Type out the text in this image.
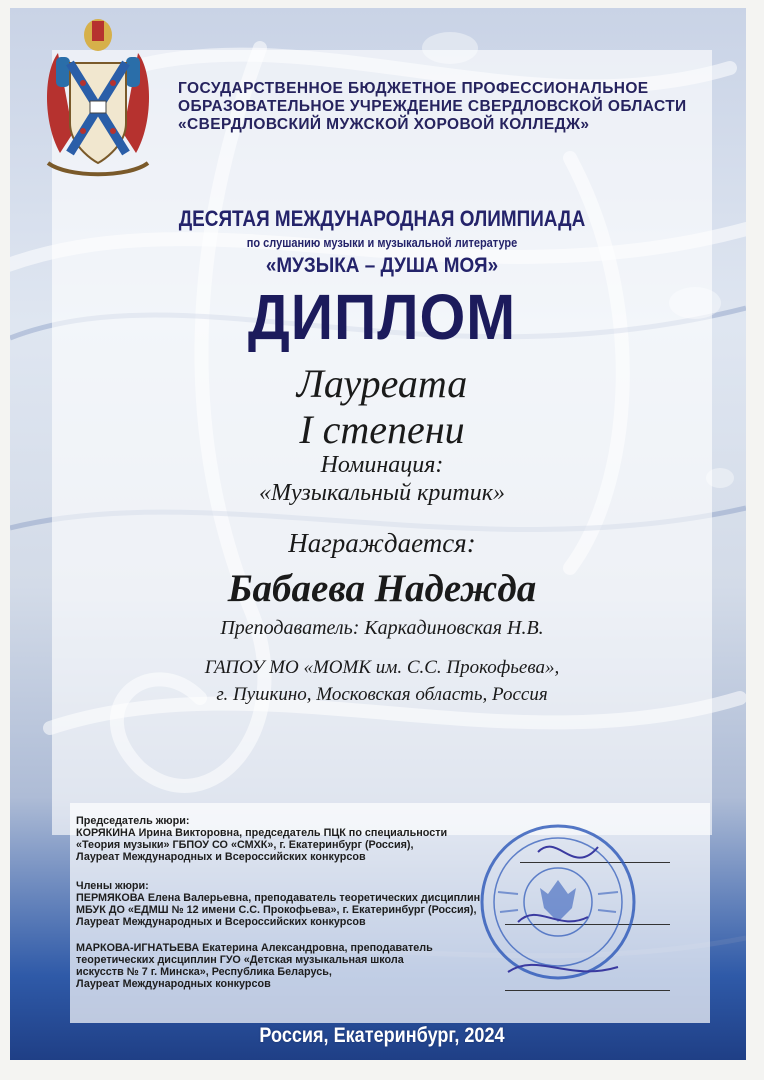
ГОСУДАРСТВЕННОЕ БЮДЖЕТНОЕ ПРОФЕССИОНАЛЬНОЕ
ОБРАЗОВАТЕЛЬНОЕ УЧРЕЖДЕНИЕ СВЕРДЛОВСКОЙ ОБЛАСТИ
«СВЕРДЛОВСКИЙ МУЖСКОЙ ХОРОВОЙ КОЛЛЕДЖ»
ДЕСЯТАЯ МЕЖДУНАРОДНАЯ ОЛИМПИАДА
по слушанию музыки и музыкальной литературе
«МУЗЫКА – ДУША МОЯ»
ДИПЛОМ
Лауреата
I степени
Номинация:
«Музыкальный критик»
Награждается:
Бабаева Надежда
Преподаватель: Каркадиновская Н.В.
ГАПОУ МО «МОМК им. С.С. Прокофьева»,
г. Пушкино, Московская область, Россия
Председатель жюри:
КОРЯКИНА Ирина Викторовна, председатель ПЦК по специальности
«Теория музыки» ГБПОУ СО «СМХК», г. Екатеринбург (Россия),
Лауреат Международных и Всероссийских конкурсов
Члены жюри:
ПЕРМЯКОВА Елена Валерьевна, преподаватель теоретических дисциплин
МБУК ДО «ЕДМШ № 12 имени С.С. Прокофьева», г. Екатеринбург (Россия),
Лауреат Международных и Всероссийских конкурсов
МАРКОВА-ИГНАТЬЕВА Екатерина Александровна, преподаватель
теоретических дисциплин ГУО «Детская музыкальная школа
искусств № 7 г. Минска», Республика Беларусь,
Лауреат Международных конкурсов
Россия, Екатеринбург, 2024
